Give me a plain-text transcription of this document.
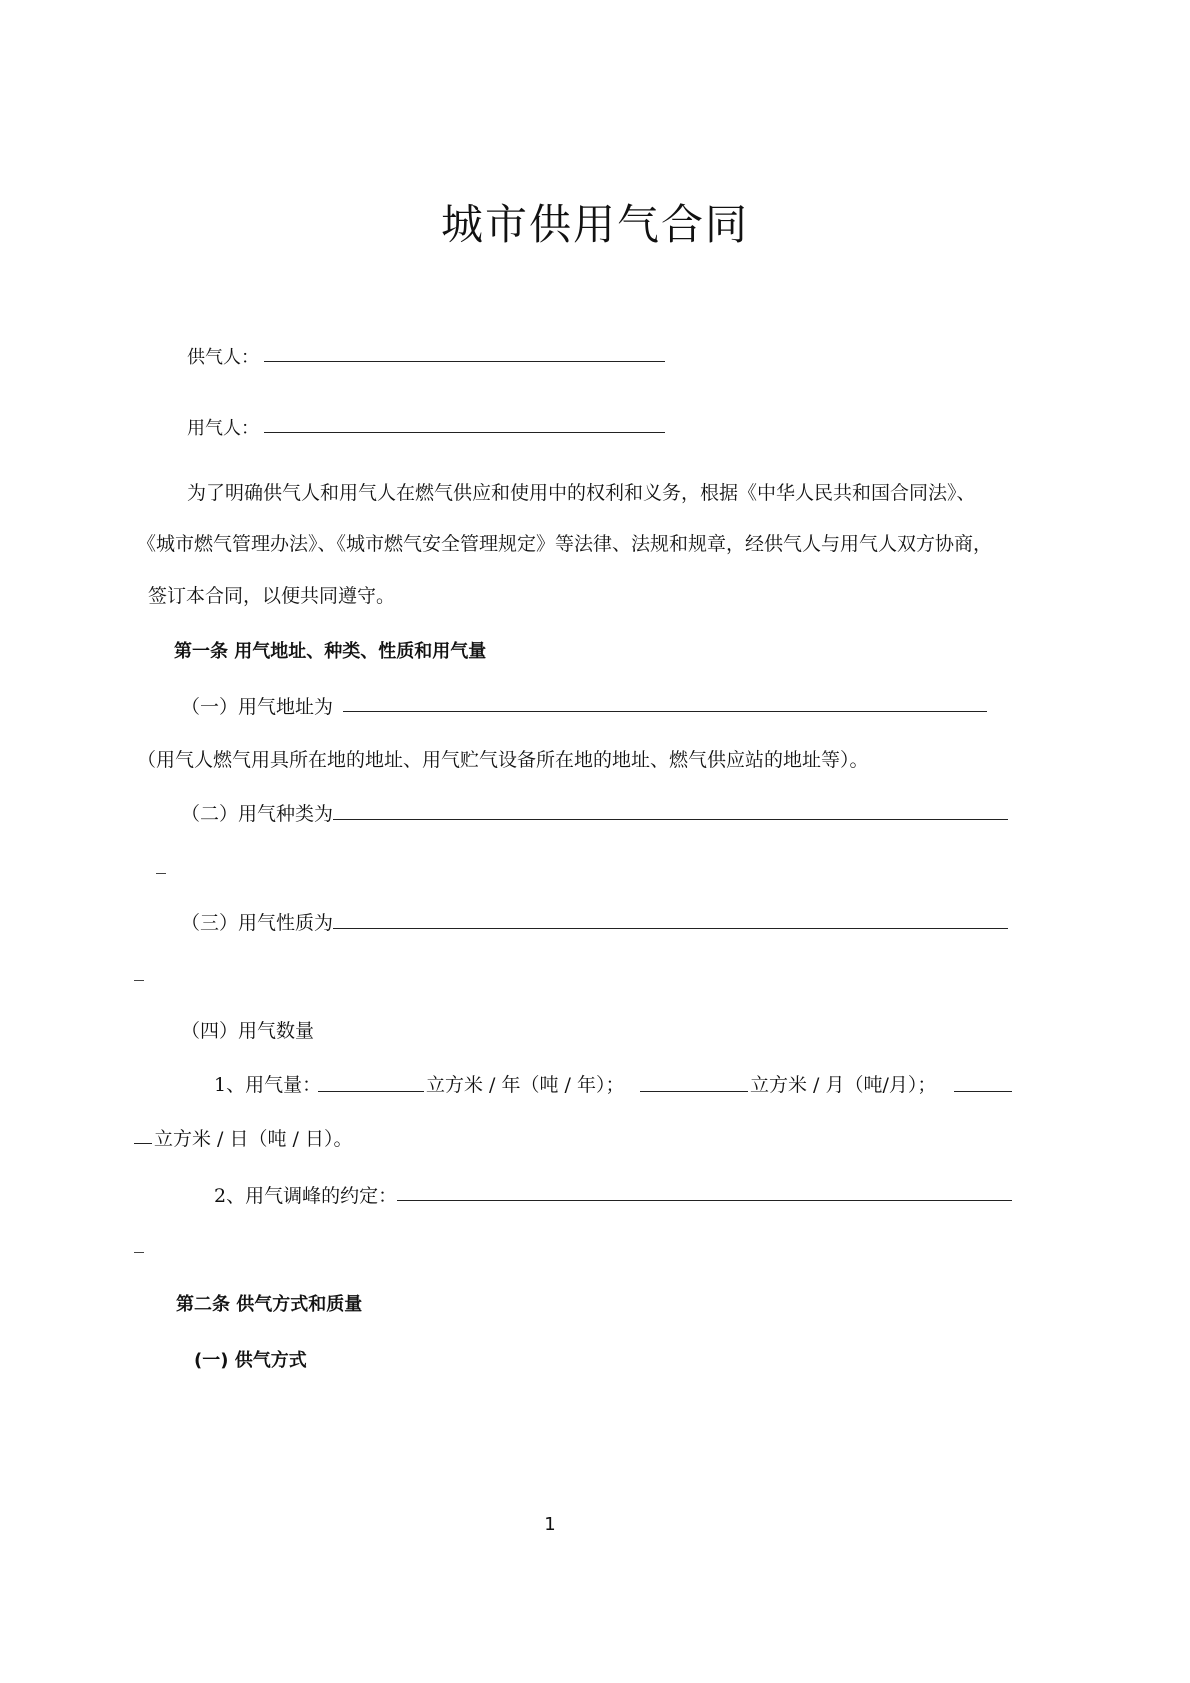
城市供用气合同
供气人：
用气人：
为了明确供气人和用气人在燃气供应和使用中的权利和义务，根据《中华人民共和国合同法》、
《城市燃气管理办法》、《城市燃气安全管理规定》等法律、法规和规章，经供气人与用气人双方协商，
签订本合同，以便共同遵守。
第一条 用气地址、种类、性质和用气量
（一）用气地址为
（用气人燃气用具所在地的地址、用气贮气设备所在地的地址、燃气供应站的地址等）。
（二）用气种类为
（三）用气性质为
（四）用气数量
1、用气量：	立方米 / 年（吨 / 年）；	立方米 / 月（吨/月）；
立方米 / 日（吨 / 日）。
2、用气调峰的约定：
第二条 供气方式和质量
(一) 供气方式
1
